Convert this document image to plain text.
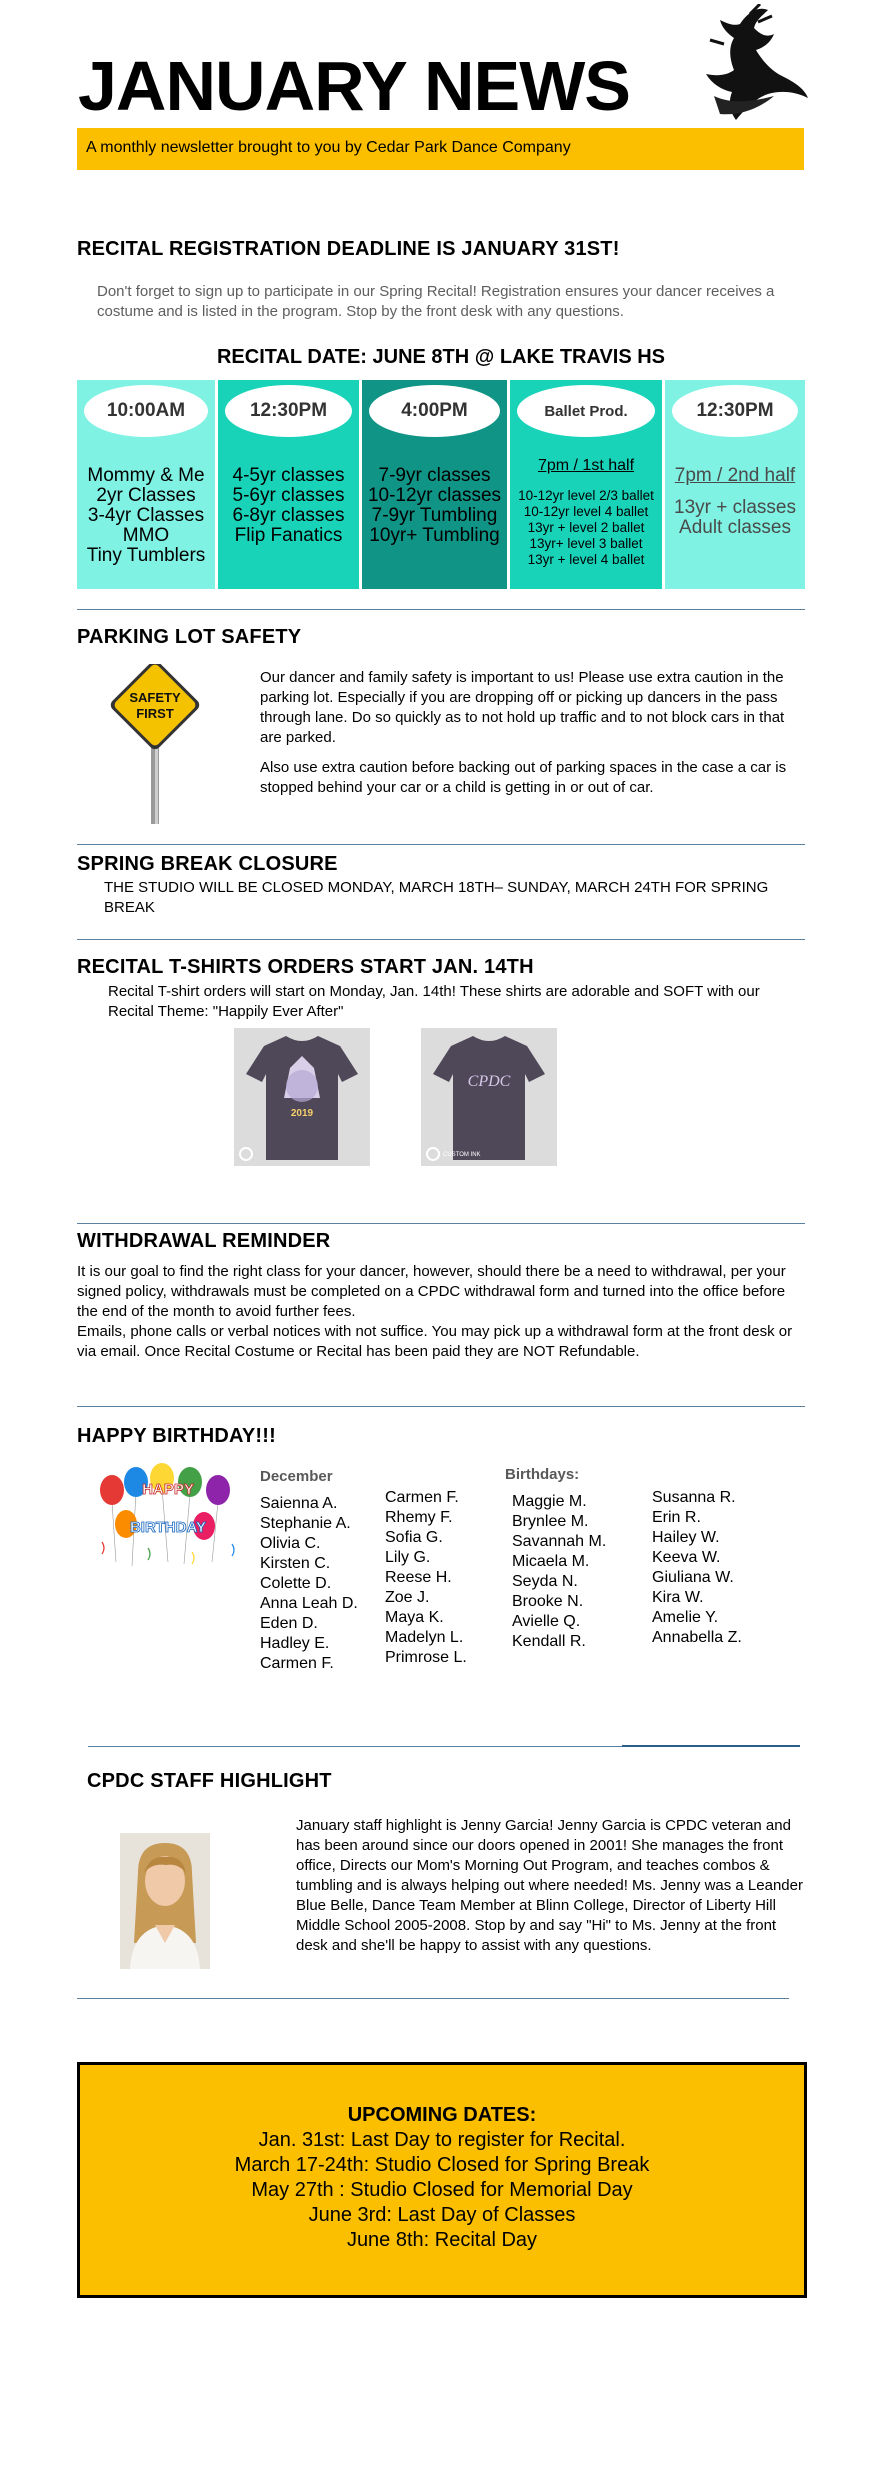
JANUARY NEWS
A monthly newsletter brought to you by Cedar Park Dance Company
RECITAL REGISTRATION DEADLINE IS JANUARY 31ST!

Don't forget to sign up to participate in our Spring Recital! Registration ensures your dancer receives a costume and is listed in the program. Stop by the front desk with any questions.

RECITAL DATE: JUNE 8TH @ LAKE TRAVIS HS
10:00AM
Mommy & Me
2yr Classes
3-4yr Classes
MMO
Tiny Tumblers
12:30PM
4-5yr classes
5-6yr classes
6-8yr classes
Flip Fanatics
4:00PM
7-9yr classes
10-12yr classes
7-9yr Tumbling
10yr+ Tumbling
Ballet Prod.
7pm / 1st half
10-12yr level 2/3 ballet
10-12yr level 4 ballet
13yr + level 2 ballet
13yr+ level 3 ballet
13yr + level 4 ballet
12:30PM
7pm / 2nd half
13yr + classes
Adult classes
PARKING LOT SAFETY
SAFETY
FIRST

Our dancer and family safety is important to us! Please use extra caution in the parking lot. Especially if you are dropping off or picking up dancers in the pass through lane. Do so quickly as to not hold up traffic and to not block cars in that are parked.

Also use extra caution before backing out of parking spaces in the case a car is stopped behind your car or a child is getting in or out of car.

SPRING BREAK CLOSURE

THE STUDIO WILL BE CLOSED MONDAY, MARCH 18TH– SUNDAY, MARCH 24TH FOR SPRING BREAK

RECITAL T-SHIRTS ORDERS START JAN. 14TH

Recital T-shirt orders will start on Monday, Jan. 14th! These shirts are adorable and SOFT with our Recital Theme: "Happily Ever After"

2019
CPDC
CUSTOM INK
WITHDRAWAL REMINDER

It is our goal to find the right class for your dancer, however, should there be a need to withdrawal, per your signed policy, withdrawals must be completed on a CPDC withdrawal form and turned into the office before the end of the month to avoid further fees.

Emails, phone calls or verbal notices with not suffice. You may pick up a withdrawal form at the front desk or via email. Once Recital Costume or Recital has been paid they are NOT Refundable.

HAPPY BIRTHDAY!!!
HAPPY
BIRTHDAY
December
Saienna A.
Stephanie A.
Olivia C.
Kirsten C.
Colette D.
Anna Leah D.
Eden D.
Hadley E.
Carmen F.
Carmen F.
Rhemy F.
Sofia G.
Lily G.
Reese H.
Zoe J.
Maya K.
Madelyn L.
Primrose L.
Birthdays:
Maggie M.
Brynlee M.
Savannah M.
Micaela M.
Seyda N.
Brooke N.
Avielle Q.
Kendall R.
Susanna R.
Erin R.
Hailey W.
Keeva W.
Giuliana W.
Kira W.
Amelie Y.
Annabella Z.
CPDC STAFF HIGHLIGHT

January staff highlight is Jenny Garcia! Jenny Garcia is CPDC veteran and has been around since our doors opened in 2001! She manages the front office, Directs our Mom's Morning Out Program, and teaches combos & tumbling and is always helping out where needed! Ms. Jenny was a Leander Blue Belle, Dance Team Member at Blinn College, Director of Liberty Hill Middle School 2005-2008. Stop by and say "Hi" to Ms. Jenny at the front desk and she'll be happy to assist with any questions.

UPCOMING DATES:
Jan. 31st: Last Day to register for Recital.
March 17-24th: Studio Closed for Spring Break
May 27th : Studio Closed for Memorial Day
June 3rd: Last Day of Classes
June 8th: Recital Day
